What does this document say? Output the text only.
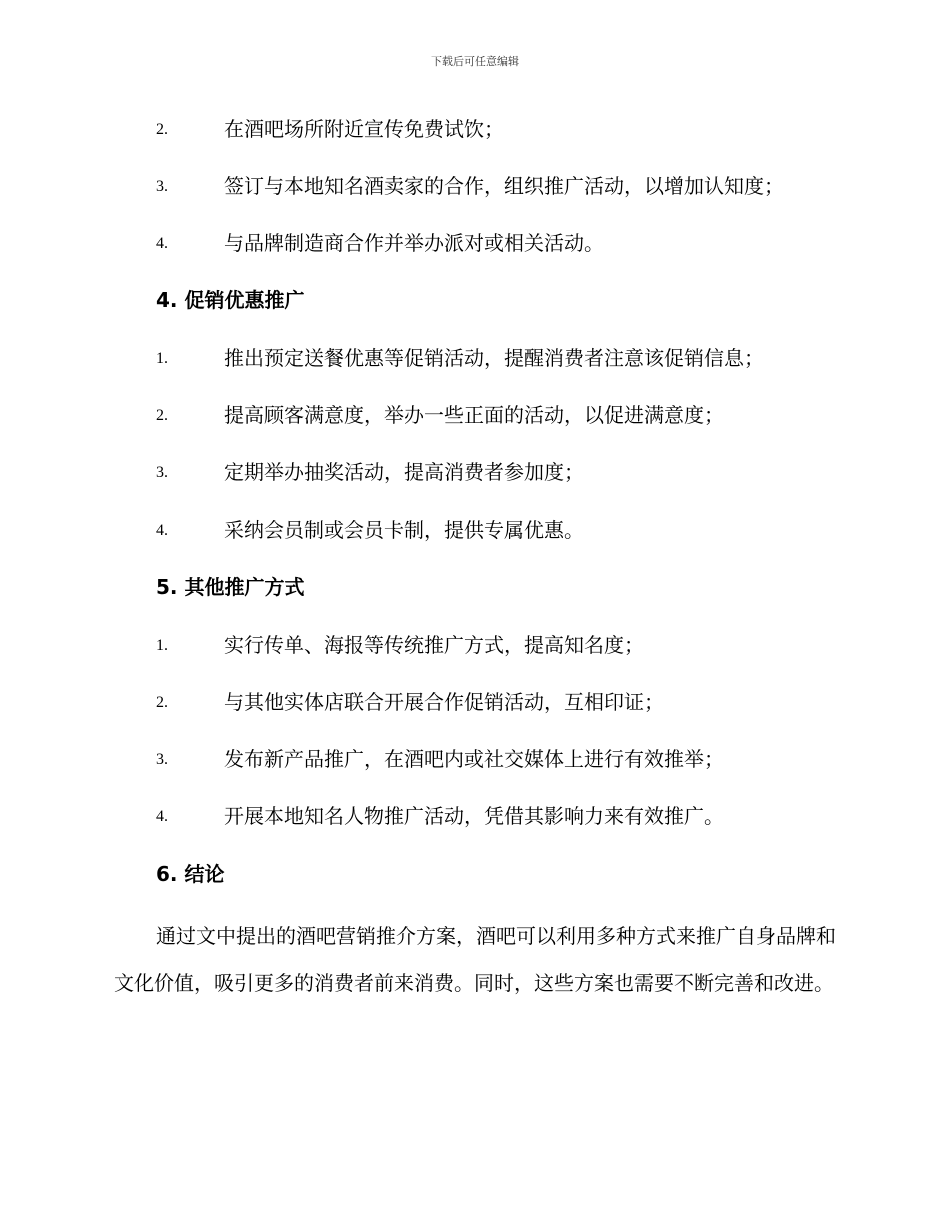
下载后可任意编辑
2.	在酒吧场所附近宣传免费试饮；
3.	签订与本地知名酒卖家的合作，组织推广活动，以增加认知度；
4.	与品牌制造商合作并举办派对或相关活动。
4. 促销优惠推广
1.	推出预定送餐优惠等促销活动，提醒消费者注意该促销信息；
2.	提高顾客满意度，举办一些正面的活动，以促进满意度；
3.	定期举办抽奖活动，提高消费者参加度；
4.	采纳会员制或会员卡制，提供专属优惠。
5. 其他推广方式
1.	实行传单、海报等传统推广方式，提高知名度；
2.	与其他实体店联合开展合作促销活动，互相印证；
3.	发布新产品推广，在酒吧内或社交媒体上进行有效推举；
4.	开展本地知名人物推广活动，凭借其影响力来有效推广。
6. 结论
通过文中提出的酒吧营销推介方案，酒吧可以利用多种方式来推广自身品牌和文化价值，吸引更多的消费者前来消费。同时，这些方案也需要不断完善和改进。
